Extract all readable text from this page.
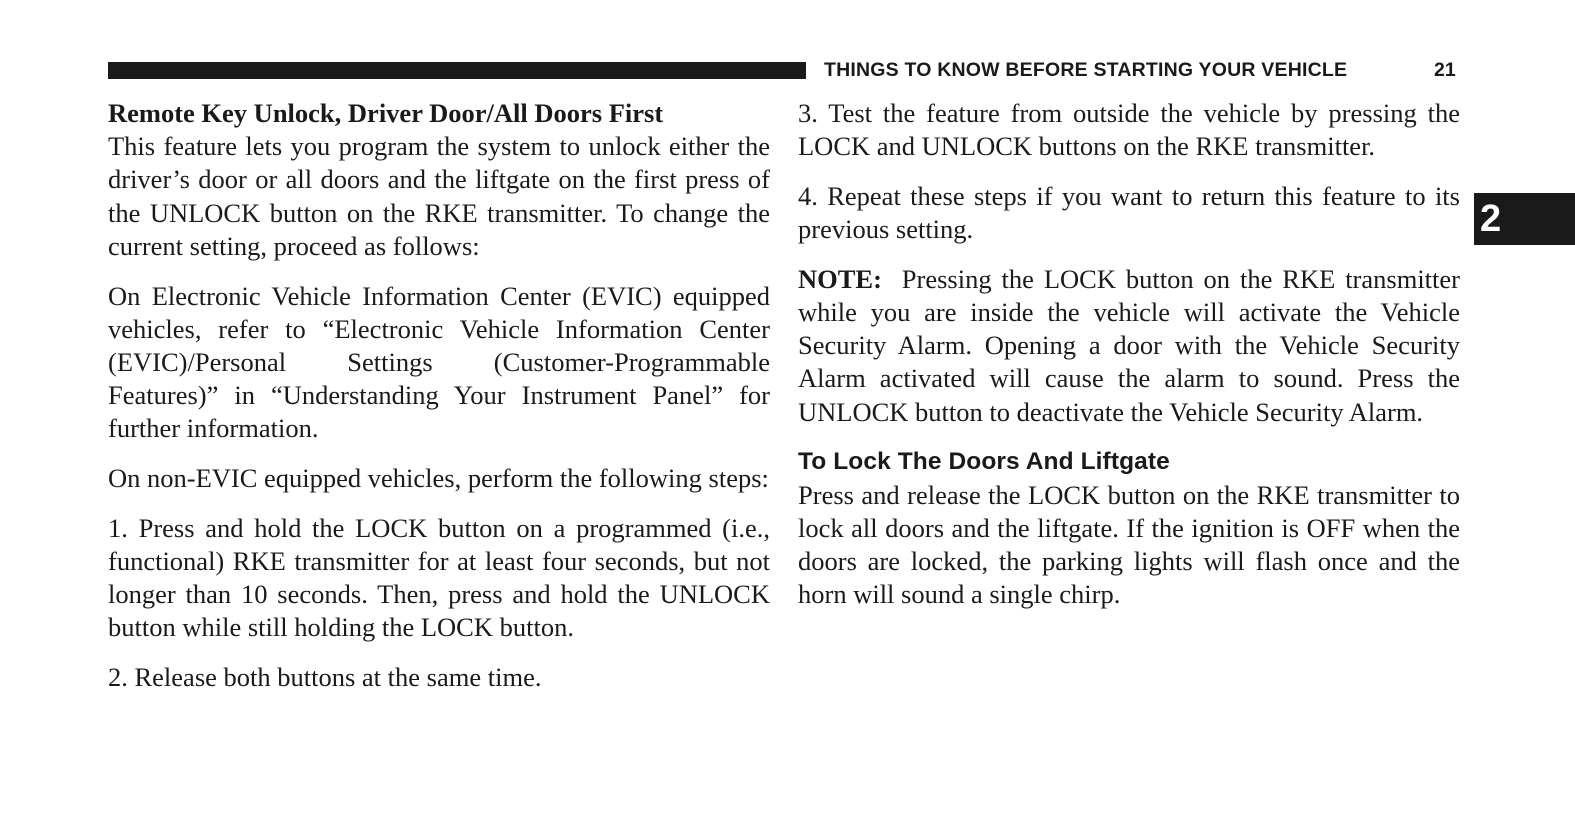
THINGS TO KNOW BEFORE STARTING YOUR VEHICLE	21
2
Remote Key Unlock, Driver Door/All Doors First
This feature lets you program the system to unlock either the driver’s door or all doors and the liftgate on the first press of the UNLOCK button on the RKE transmitter. To change the current setting, proceed as follows:

On Electronic Vehicle Information Center (EVIC) equipped vehicles, refer to “Electronic Vehicle Information Center (EVIC)/Personal Settings (Customer-Programmable Features)” in “Understanding Your Instrument Panel” for further information.

On non-EVIC equipped vehicles, perform the following steps:

1. Press and hold the LOCK button on a programmed (i.e., functional) RKE transmitter for at least four seconds, but not longer than 10 seconds. Then, press and hold the UNLOCK button while still holding the LOCK button.

2. Release both buttons at the same time.

3. Test the feature from outside the vehicle by pressing the LOCK and UNLOCK buttons on the RKE transmitter.

4. Repeat these steps if you want to return this feature to its previous setting.

NOTE: Pressing the LOCK button on the RKE transmitter while you are inside the vehicle will activate the Vehicle Security Alarm. Opening a door with the Vehicle Security Alarm activated will cause the alarm to sound. Press the UNLOCK button to deactivate the Vehicle Security Alarm.

To Lock The Doors And Liftgate
Press and release the LOCK button on the RKE transmitter to lock all doors and the liftgate. If the ignition is OFF when the doors are locked, the parking lights will flash once and the horn will sound a single chirp.
